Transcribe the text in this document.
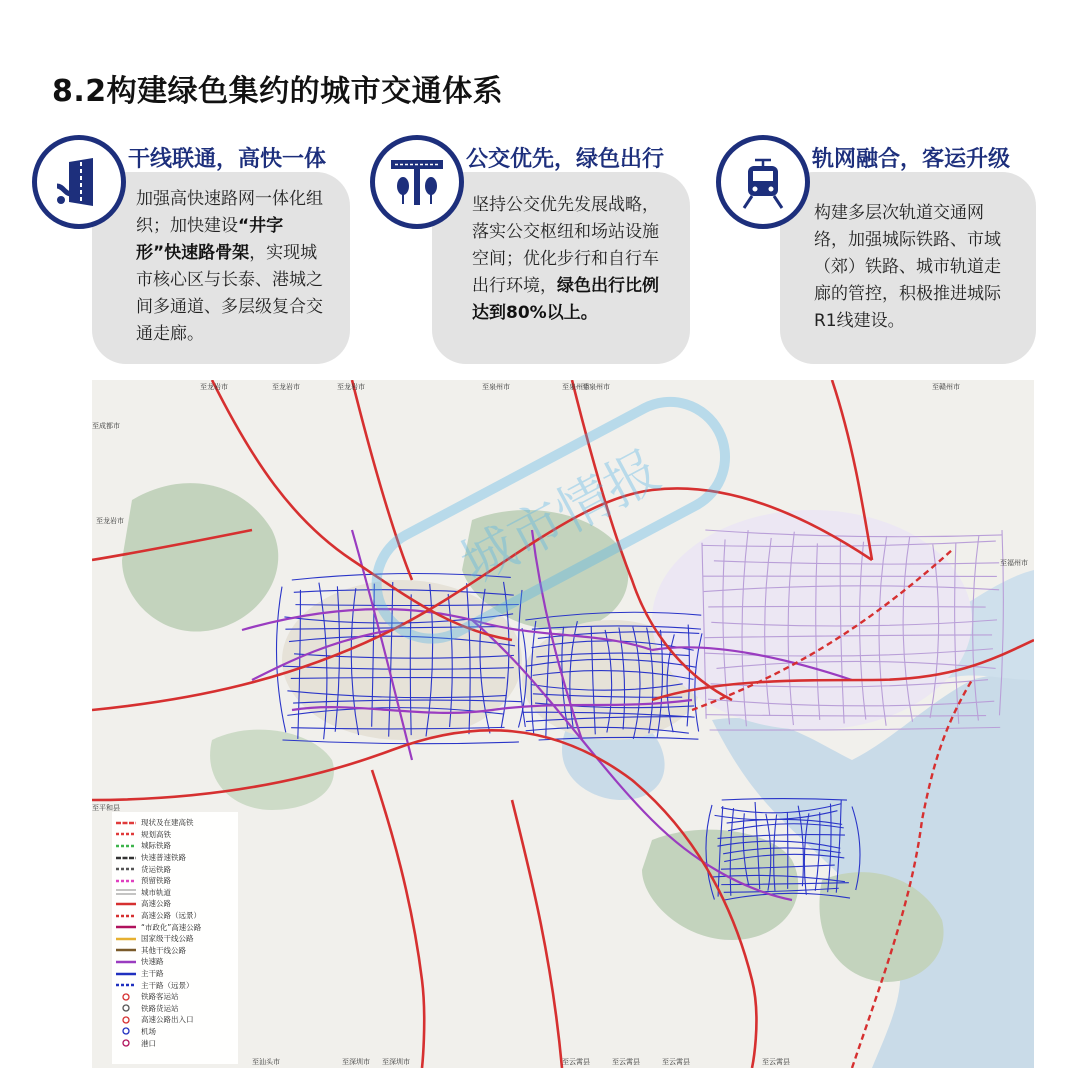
8.2构建绿色集约的城市交通体系
加强高快速路网一体化组织；加快建设“井字形”快速路骨架，实现城市核心区与长泰、港城之间多通道、多层级复合交通走廊。
干线联通，高快一体
坚持公交优先发展战略，落实公交枢纽和场站设施空间；优化步行和自行车出行环境，绿色出行比例达到80%以上。
公交优先，绿色出行
构建多层次轨道交通网络，加强城际铁路、市域（郊）铁路、城市轨道走廊的管控，积极推进城际R1线建设。
轨网融合，客运升级
城市情报
至龙岩市	至龙岩市	至龙岩市	至泉州市	至泉州市
至泉州市	至赣州市
至成都市
至龙岩市
至平和县
至福州市
至汕头市	至深圳市 至深圳市	至云霄县	至云霄县	至云霄县	至云霄县
现状及在建高铁
规划高铁
城际铁路
快速普速铁路
货运铁路
预留铁路
城市轨道
高速公路
高速公路（远景）
“市政化”高速公路
国家级干线公路
其他干线公路
快速路
主干路
主干路（远景）
铁路客运站
铁路货运站
高速公路出入口
机场
港口
